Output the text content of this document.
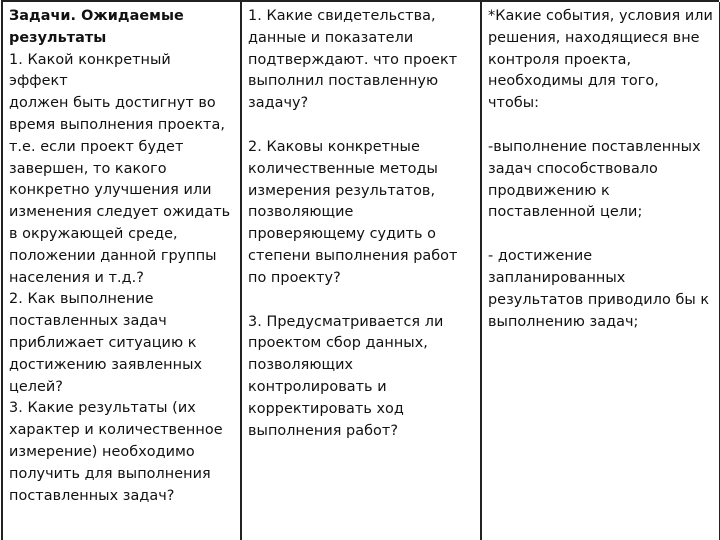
Задачи. Ожидаемые

результаты

1. Какой конкретный эффект

должен быть достигнут во

время выполнения проекта,

т.е. если проект будет

завершен, то какого

конкретно улучшения или

изменения следует ожидать

в окружающей среде,

положении данной группы

населения и т.д.?

2. Как выполнение

поставленных задач

приближает ситуацию к

достижению заявленных

целей?

3. Какие результаты (их

характер и количественное

измерение) необходимо

получить для выполнения

поставленных задач?

1. Какие свидетельства,

данные и показатели

подтверждают. что проект

выполнил поставленную

задачу?

2. Каковы конкретные

количественные методы

измерения результатов,

позволяющие

проверяющему судить о

степени выполнения работ

по проекту?

3. Предусматривается ли

проектом сбор данных,

позволяющих

контролировать и

корректировать ход

выполнения работ?

*Какие события, условия или

решения, находящиеся вне

контроля проекта,

необходимы для того, чтобы:

-выполнение поставленных

задач способствовало

продвижению к

поставленной цели;

- достижение

запланированных

результатов приводило бы к

выполнению задач;
